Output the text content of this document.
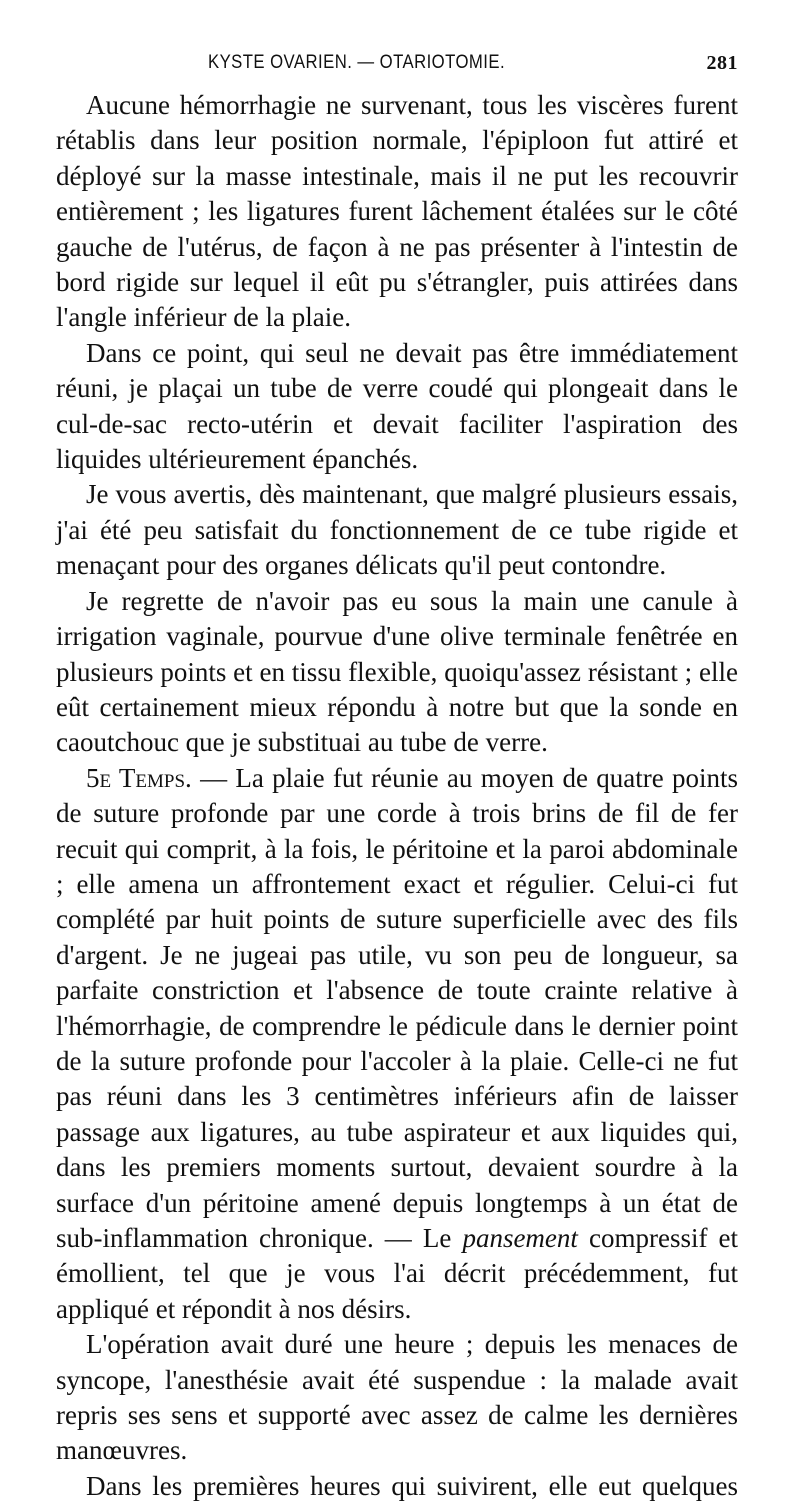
KYSTE OVARIEN. — OTARIOTOMIE.	281

Aucune hémorrhagie ne survenant, tous les viscères furent rétablis dans leur position normale, l'épiploon fut attiré et déployé sur la masse intestinale, mais il ne put les recouvrir entièrement ; les ligatures furent lâchement étalées sur le côté gauche de l'utérus, de façon à ne pas présenter à l'intestin de bord rigide sur lequel il eût pu s'étrangler, puis attirées dans l'angle inférieur de la plaie.

Dans ce point, qui seul ne devait pas être immédiatement réuni, je plaçai un tube de verre coudé qui plongeait dans le cul-de-sac recto-utérin et devait faciliter l'aspiration des liquides ultérieurement épanchés.

Je vous avertis, dès maintenant, que malgré plusieurs essais, j'ai été peu satisfait du fonctionnement de ce tube rigide et menaçant pour des organes délicats qu'il peut contondre.

Je regrette de n'avoir pas eu sous la main une canule à irrigation vaginale, pourvue d'une olive terminale fenêtrée en plusieurs points et en tissu flexible, quoiqu'assez résistant ; elle eût certainement mieux répondu à notre but que la sonde en caoutchouc que je substituai au tube de verre.

5e Temps. — La plaie fut réunie au moyen de quatre points de suture profonde par une corde à trois brins de fil de fer recuit qui comprit, à la fois, le péritoine et la paroi abdominale ; elle amena un affrontement exact et régulier. Celui-ci fut complété par huit points de suture superficielle avec des fils d'argent. Je ne jugeai pas utile, vu son peu de longueur, sa parfaite constriction et l'absence de toute crainte relative à l'hémorrhagie, de comprendre le pédicule dans le dernier point de la suture profonde pour l'accoler à la plaie. Celle-ci ne fut pas réuni dans les 3 centimètres inférieurs afin de laisser passage aux ligatures, au tube aspirateur et aux liquides qui, dans les premiers moments surtout, devaient sourdre à la surface d'un péritoine amené depuis longtemps à un état de sub-inflammation chronique. — Le pansement compressif et émollient, tel que je vous l'ai décrit précédemment, fut appliqué et répondit à nos désirs.

L'opération avait duré une heure ; depuis les menaces de syncope, l'anesthésie avait été suspendue : la malade avait repris ses sens et supporté avec assez de calme les dernières manœuvres.

Dans les premières heures qui suivirent, elle eut quelques
